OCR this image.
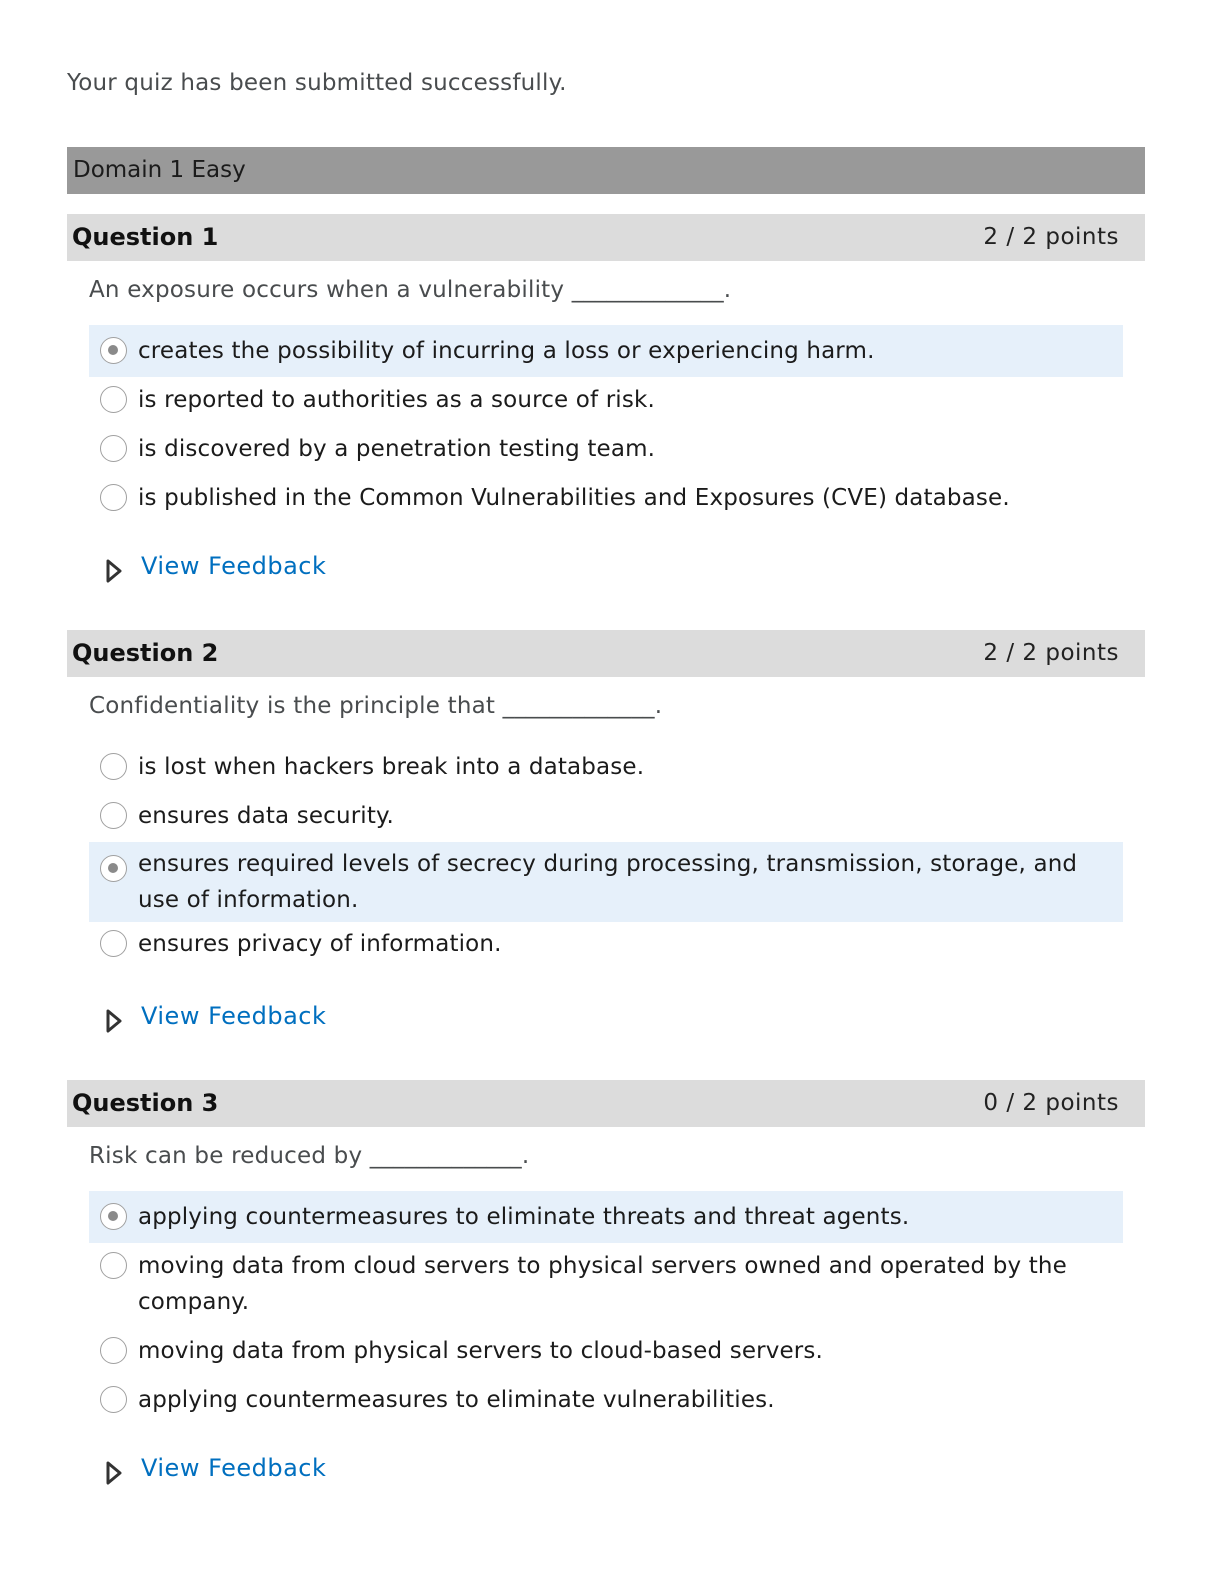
Your quiz has been submitted successfully.
Domain 1 Easy
Question 1	2 / 2 points
An exposure occurs when a vulnerability _____________.
creates the possibility of incurring a loss or experiencing harm.
is reported to authorities as a source of risk.
is discovered by a penetration testing team.
is published in the Common Vulnerabilities and Exposures (CVE) database.
View Feedback
Question 2	2 / 2 points
Confidentiality is the principle that _____________.
is lost when hackers break into a database.
ensures data security.
ensures required levels of secrecy during processing, transmission, storage, and use of information.
ensures privacy of information.
View Feedback
Question 3	0 / 2 points
Risk can be reduced by _____________.
applying countermeasures to eliminate threats and threat agents.
moving data from cloud servers to physical servers owned and operated by the company.
moving data from physical servers to cloud-based servers.
applying countermeasures to eliminate vulnerabilities.
View Feedback
